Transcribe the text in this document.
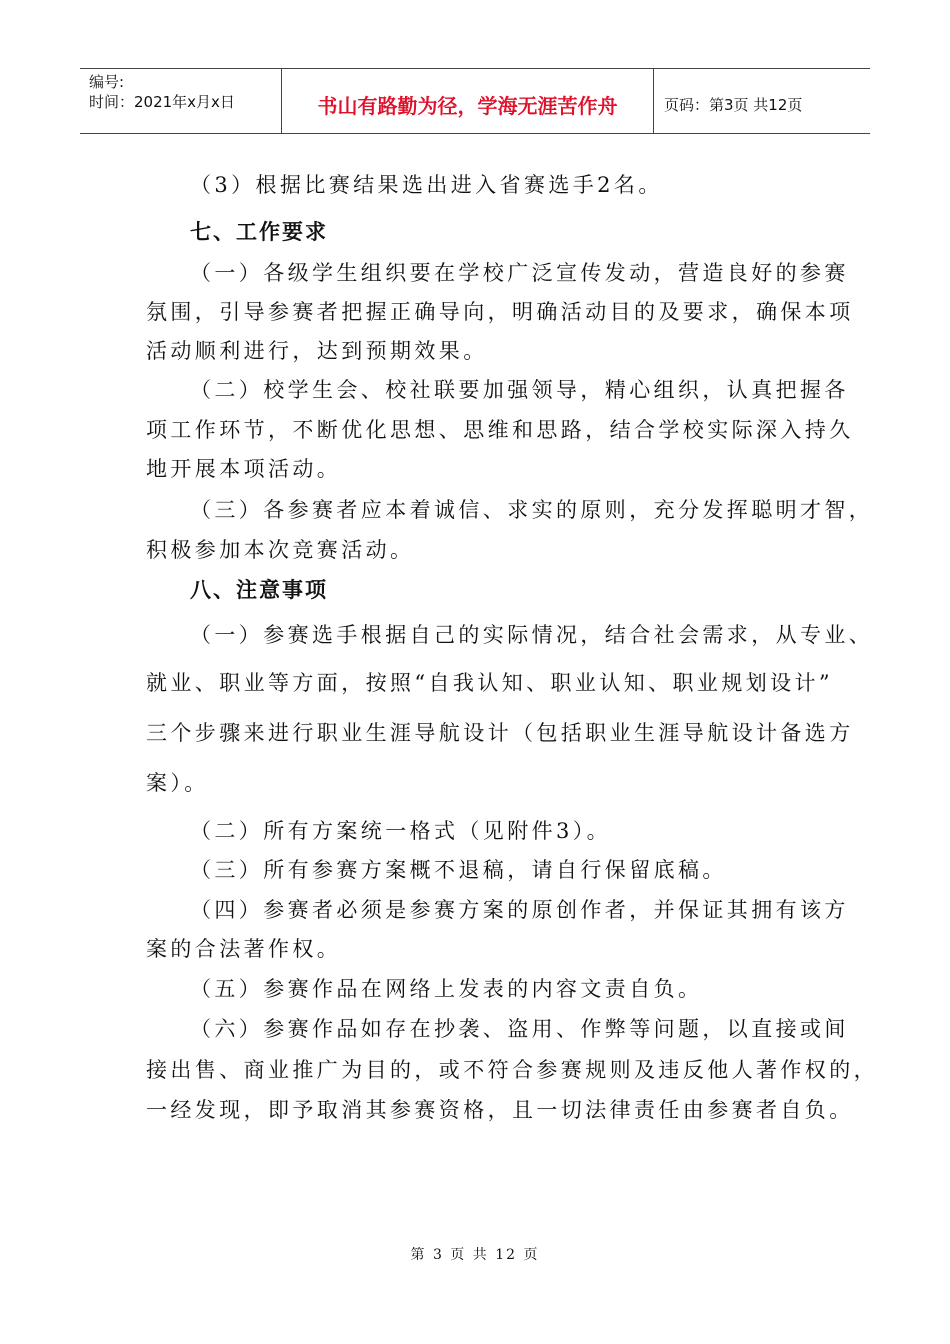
编号:
时间：2021年x月x日	书山有路勤为径，学海无涯苦作舟	页码：第3页 共12页
（3）根据比赛结果选出进入省赛选手2名。
七、工作要求
（一）各级学生组织要在学校广泛宣传发动，营造良好的参赛
氛围，引导参赛者把握正确导向，明确活动目的及要求，确保本项
活动顺利进行，达到预期效果。
（二）校学生会、校社联要加强领导，精心组织，认真把握各
项工作环节，不断优化思想、思维和思路，结合学校实际深入持久
地开展本项活动。
（三）各参赛者应本着诚信、求实的原则，充分发挥聪明才智，
积极参加本次竞赛活动。
八、注意事项
（一）参赛选手根据自己的实际情况，结合社会需求，从专业、
就业、职业等方面，按照“自我认知、职业认知、职业规划设计”
三个步骤来进行职业生涯导航设计（包括职业生涯导航设计备选方
案）。
（二）所有方案统一格式（见附件3）。
（三）所有参赛方案概不退稿，请自行保留底稿。
（四）参赛者必须是参赛方案的原创作者，并保证其拥有该方
案的合法著作权。
（五）参赛作品在网络上发表的内容文责自负。
（六）参赛作品如存在抄袭、盗用、作弊等问题，以直接或间
接出售、商业推广为目的，或不符合参赛规则及违反他人著作权的，
一经发现，即予取消其参赛资格，且一切法律责任由参赛者自负。
第 3 页 共 12 页
